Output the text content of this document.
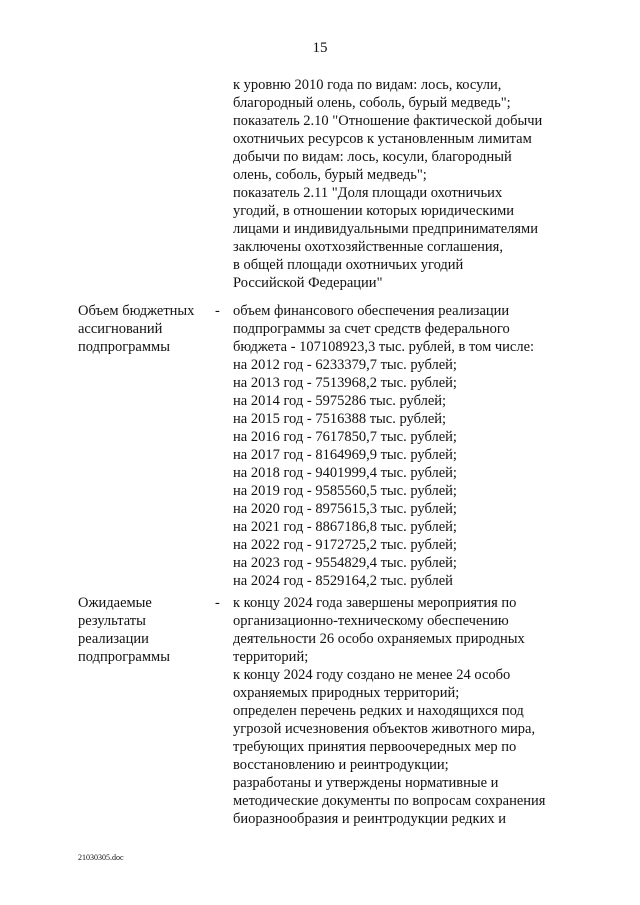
15
к уровню 2010 года по видам: лось, косули,
благородный олень, соболь, бурый медведь";
показатель 2.10 "Отношение фактической добычи
охотничьих ресурсов к установленным лимитам
добычи по видам: лось, косули, благородный
олень, соболь, бурый медведь";
показатель 2.11 "Доля площади охотничьих
угодий, в отношении которых юридическими
лицами и индивидуальными предпринимателями
заключены охотхозяйственные соглашения,
в общей площади охотничьих угодий
Российской Федерации"
Объем бюджетных
ассигнований
подпрограммы
- объем финансового обеспечения реализации
подпрограммы за счет средств федерального
бюджета - 107108923,3 тыс. рублей, в том числе:
на 2012 год - 6233379,7 тыс. рублей;
на 2013 год - 7513968,2 тыс. рублей;
на 2014 год - 5975286 тыс. рублей;
на 2015 год - 7516388 тыс. рублей;
на 2016 год - 7617850,7 тыс. рублей;
на 2017 год - 8164969,9 тыс. рублей;
на 2018 год - 9401999,4 тыс. рублей;
на 2019 год - 9585560,5 тыс. рублей;
на 2020 год - 8975615,3 тыс. рублей;
на 2021 год - 8867186,8 тыс. рублей;
на 2022 год - 9172725,2 тыс. рублей;
на 2023 год - 9554829,4 тыс. рублей;
на 2024 год - 8529164,2 тыс. рублей
Ожидаемые
результаты
реализации
подпрограммы
- к концу 2024 года завершены мероприятия по
организационно-техническому обеспечению
деятельности 26 особо охраняемых природных
территорий;
к концу 2024 году создано не менее 24 особо
охраняемых природных территорий;
определен перечень редких и находящихся под
угрозой исчезновения объектов животного мира,
требующих принятия первоочередных мер по
восстановлению и реинтродукции;
разработаны и утверждены нормативные и
методические документы по вопросам сохранения
биоразнообразия и реинтродукции редких и
21030305.doc
